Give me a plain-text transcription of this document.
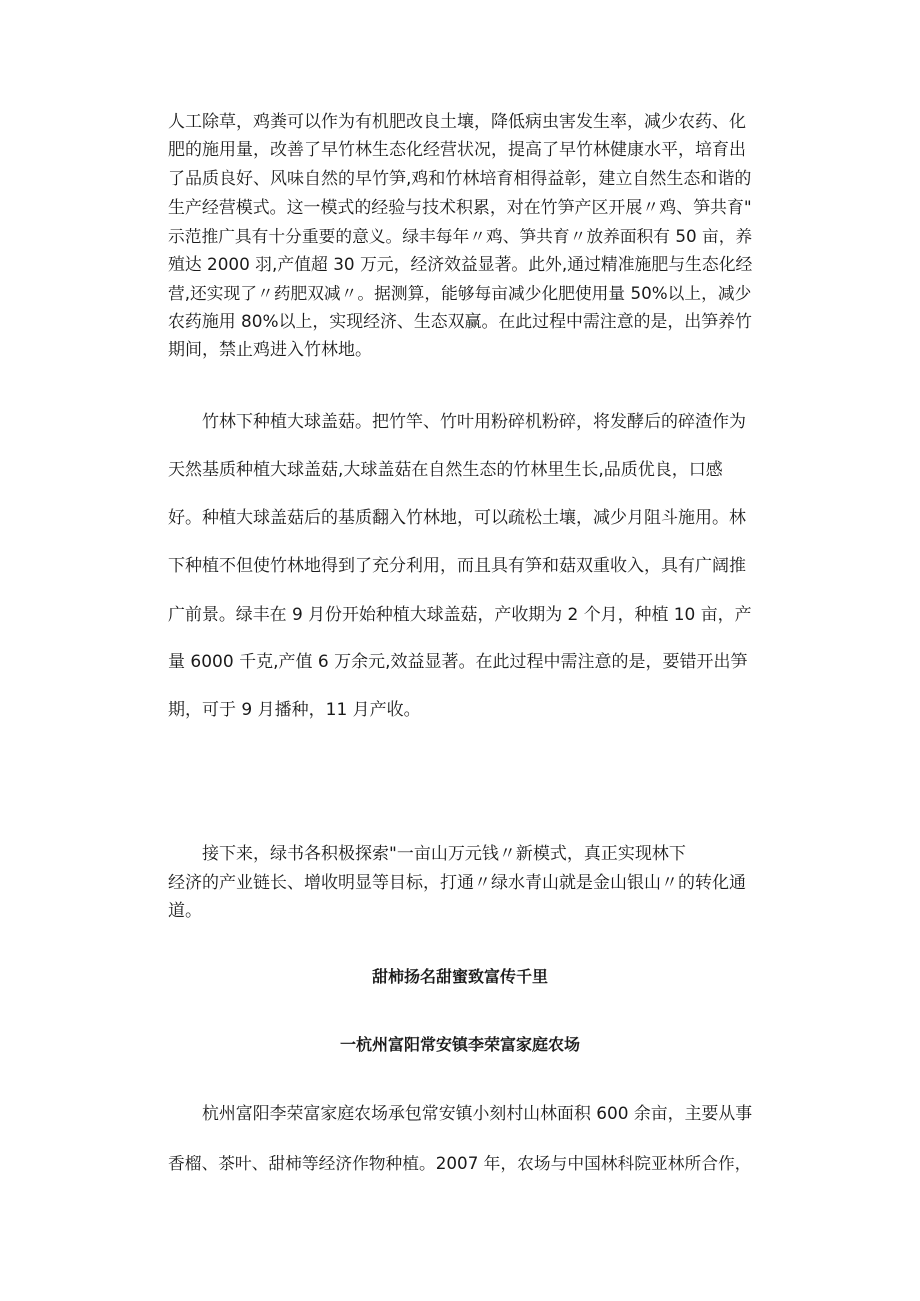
人工除草，鸡粪可以作为有机肥改良土壤，降低病虫害发生率，减少农药、化
肥的施用量，改善了早竹林生态化经营状况，提高了早竹林健康水平，培育出
了品质良好、风味自然的早竹笋,鸡和竹林培育相得益彰，建立自然生态和谐的
生产经营模式。这一模式的经验与技术积累，对在竹笋产区开展〃鸡、笋共育"
示范推广具有十分重要的意义。绿丰每年〃鸡、笋共育〃放养面积有 50 亩，养
殖达 2000 羽,产值超 30 万元，经济效益显著。此外,通过精准施肥与生态化经
营,还实现了〃药肥双减〃。据测算，能够每亩减少化肥使用量 50%以上，减少
农药施用 80%以上，实现经济、生态双赢。在此过程中需注意的是，出笋养竹
期间，禁止鸡进入竹林地。
竹林下种植大球盖菇。把竹竿、竹叶用粉碎机粉碎，将发酵后的碎渣作为
天然基质种植大球盖菇,大球盖菇在自然生态的竹林里生长,品质优良，口感
好。种植大球盖菇后的基质翻入竹林地，可以疏松土壤，减少月阻斗施用。林
下种植不但使竹林地得到了充分利用，而且具有笋和菇双重收入，具有广阔推
广前景。绿丰在 9 月份开始种植大球盖菇，产收期为 2 个月，种植 10 亩，产
量 6000 千克,产值 6 万余元,效益显著。在此过程中需注意的是，要错开出笋
期，可于 9 月播种，11 月产收。
接下来，绿书各积极探索"一亩山万元钱〃新模式，真正实现林下
经济的产业链长、增收明显等目标，打通〃绿水青山就是金山银山〃的转化通
道。
甜柿扬名甜蜜致富传千里
一杭州富阳常安镇李荣富家庭农场
杭州富阳李荣富家庭农场承包常安镇小刻村山林面积 600 余亩，主要从事
香榴、茶叶、甜柿等经济作物种植。2007 年，农场与中国林科院亚林所合作，
